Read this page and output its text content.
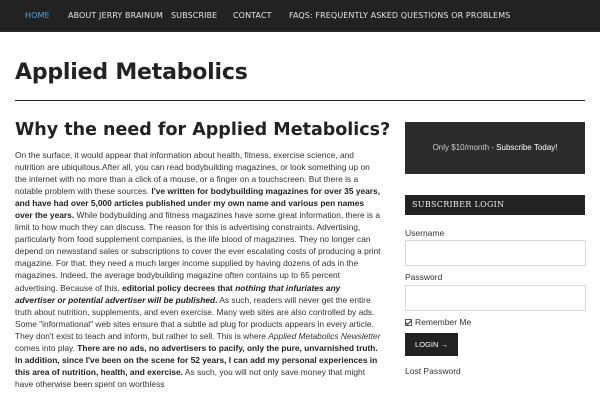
HOME ABOUT JERRY BRAINUM SUBSCRIBE CONTACT FAQS: FREQUENTLY ASKED QUESTIONS OR PROBLEMS
Applied Metabolics
Why the need for Applied Metabolics?
On the surface, it would appear that information about health, fitness, exercise science, and nutrition are ubiquitous.After all, you can read bodybuilding magazines, or look something up on the internet with no more than a click of a mouse, or a finger on a touchscreen. But there is a notable problem with these sources. I've written for bodybuilding magazines for over 35 years, and have had over 5,000 articles published under my own name and various pen names over the years. While bodybuilding and fitness magazines have some great information, there is a limit to how much they can discuss. The reason for this is advertising constraints. Advertising, particularly from food supplement companies, is the life blood of magazines. They no longer can depend on newsstand sales or subscriptions to cover the ever escalating costs of producing a print magazine. For that, they need a much larger income supplied by having dozens of ads in the magazines. Indeed, the average bodybuilding magazine often contains up to 65 percent advertising. Because of this, editorial policy decrees that nothing that infuriates any advertiser or potential advertiser will be published. As such, readers will never get the entire truth about nutrition, supplements, and even exercise. Many web sites are also controlled by ads. Some "informational" web sites ensure that a subtle ad plug for products appears in every article. They don't exist to teach and inform, but rather to sell. This is where Applied Metabolics Newsletter comes into play. There are no ads, no advertisers to pacify, only the pure, unvarnished truth. In addition, since I've been on the scene for 52 years, I can add my personal experiences in this area of nutrition, health, and exercise. As such, you will not only save money that might have otherwise been spent on worthless
Only $10/month - Subscribe Today!
SUBSCRIBER LOGIN
Username
Password
Remember Me
LOGIN →
Lost Password
